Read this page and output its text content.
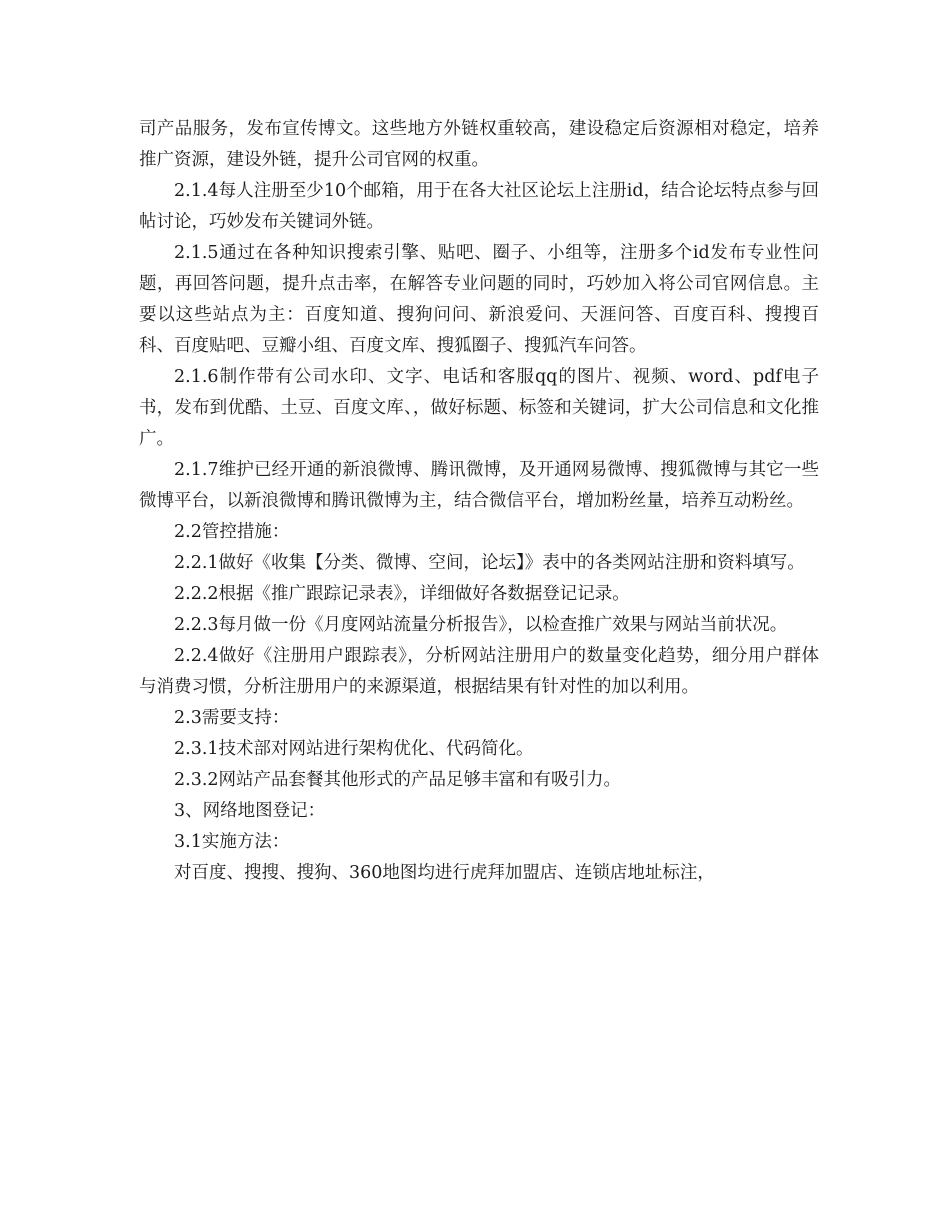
司产品服务，发布宣传博文。这些地方外链权重较高，建设稳定后资源相对稳定，培养推广资源，建设外链，提升公司官网的权重。

2.1.4每人注册至少10个邮箱，用于在各大社区论坛上注册id，结合论坛特点参与回帖讨论，巧妙发布关键词外链。

2.1.5通过在各种知识搜索引擎、贴吧、圈子、小组等，注册多个id发布专业性问题，再回答问题，提升点击率，在解答专业问题的同时，巧妙加入将公司官网信息。主要以这些站点为主：百度知道、搜狗问问、新浪爱问、天涯问答、百度百科、搜搜百科、百度贴吧、豆瓣小组、百度文库、搜狐圈子、搜狐汽车问答。

2.1.6制作带有公司水印、文字、电话和客服qq的图片、视频、word、pdf电子书，发布到优酷、土豆、百度文库、，做好标题、标签和关键词，扩大公司信息和文化推广。

2.1.7维护已经开通的新浪微博、腾讯微博，及开通网易微博、搜狐微博与其它一些微博平台，以新浪微博和腾讯微博为主，结合微信平台，增加粉丝量，培养互动粉丝。

2.2管控措施：

2.2.1做好《收集【分类、微博、空间，论坛】》表中的各类网站注册和资料填写。

2.2.2根据《推广跟踪记录表》，详细做好各数据登记记录。

2.2.3每月做一份《月度网站流量分析报告》，以检查推广效果与网站当前状况。

2.2.4做好《注册用户跟踪表》，分析网站注册用户的数量变化趋势，细分用户群体与消费习惯，分析注册用户的来源渠道，根据结果有针对性的加以利用。

2.3需要支持：

2.3.1技术部对网站进行架构优化、代码简化。

2.3.2网站产品套餐其他形式的产品足够丰富和有吸引力。

3、网络地图登记：

3.1实施方法：

对百度、搜搜、搜狗、360地图均进行虎拜加盟店、连锁店地址标注，
